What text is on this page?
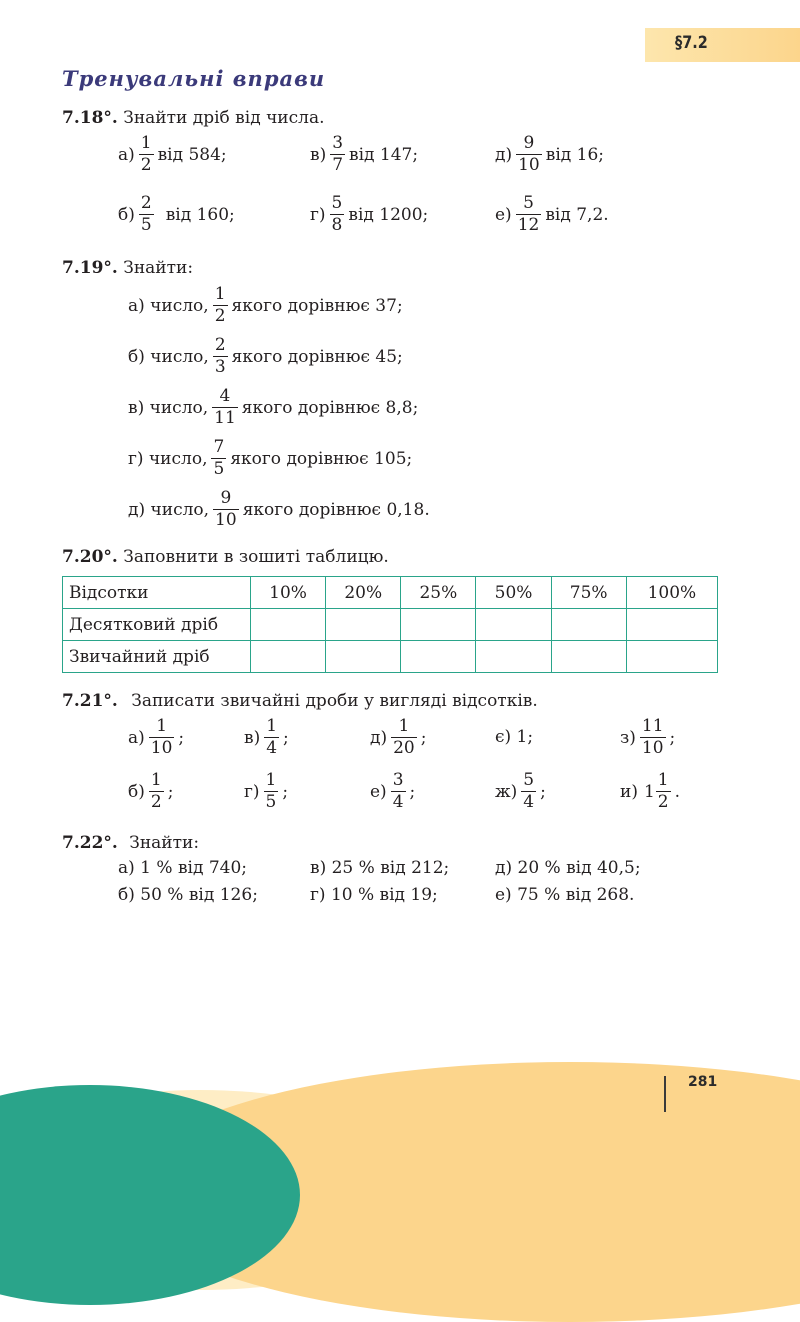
§7.2
Тренувальні вправи
7.18°. Знайти дріб від числа.
$а) \frac{1}{2}$ від 584;	$в) \frac{3}{7}$ від 147;	$д) \frac{9}{10}$ від 16;
$б) \frac{2}{5}$ від 160;	$г) \frac{5}{8}$ від 1200;	$е) \frac{5}{12}$ від 7,2.
7.19°. Знайти:
а) число, $\frac{1}{2}$ якого дорівнює 37;
б) число, $\frac{2}{3}$ якого дорівнює 45;
в) число, $\frac{4}{11}$ якого дорівнює 8,8;
г) число, $\frac{7}{5}$ якого дорівнює 105;
д) число, $\frac{9}{10}$ якого дорівнює 0,18.
7.20°. Заповнити в зошиті таблицю.
Відсотки	10%	20%	25%	50%	75%	100%
Десятковий дріб						
Звичайний дріб						
7.21°. Записати звичайні дроби у вигляді відсотків.
$а) \frac{1}{10}$ ;	$в) \frac{1}{4}$ ;	$д) \frac{1}{20}$ ;	є) 1;	$з) \frac{11}{10}$ ;
$б) \frac{1}{2}$ ;	$г) \frac{1}{5}$ ;	$е) \frac{3}{4}$ ;	$ж) \frac{5}{4}$ ;	и) $1 \frac{1}{2}$ .
7.22°. Знайти:
а) 1 % від 740;	в) 25 % від 212;	д) 20 % від 40,5;
б) 50 % від 126;	г) 10 % від 19;	е) 75 % від 268.
281
